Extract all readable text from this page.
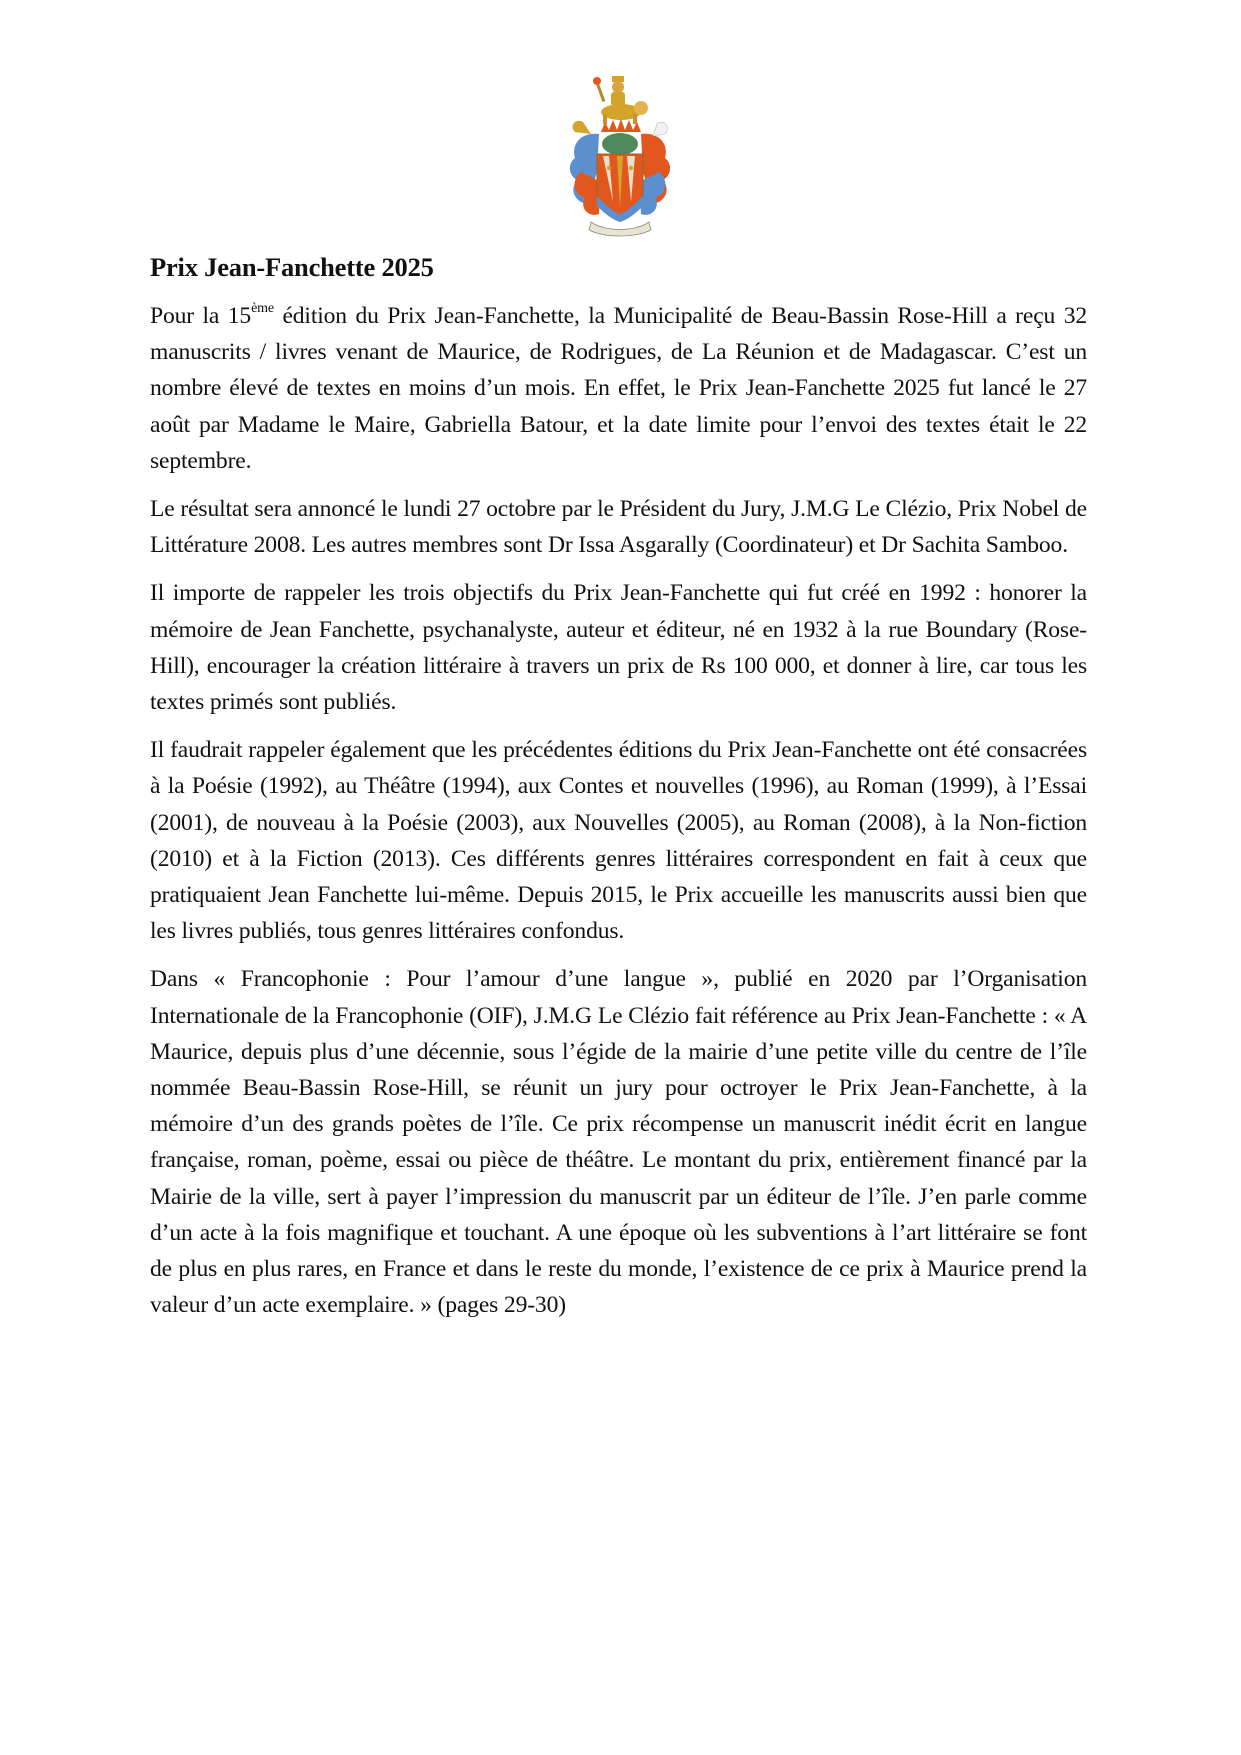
· · · ·
Prix Jean-Fanchette 2025

Pour la 15ème édition du Prix Jean-Fanchette, la Municipalité de Beau-Bassin Rose-Hill a reçu 32 manuscrits / livres venant de Maurice, de Rodrigues, de La Réunion et de Madagascar. C’est un nombre élevé de textes en moins d’un mois. En effet, le Prix Jean-Fanchette 2025 fut lancé le 27 août par Madame le Maire, Gabriella Batour, et la date limite pour l’envoi des textes était le 22 septembre.

Le résultat sera annoncé le lundi 27 octobre par le Président du Jury, J.M.G Le Clézio, Prix Nobel de Littérature 2008. Les autres membres sont Dr Issa Asgarally (Coordinateur) et Dr Sachita Samboo.

Il importe de rappeler les trois objectifs du Prix Jean-Fanchette qui fut créé en 1992 : honorer la mémoire de Jean Fanchette, psychanalyste, auteur et éditeur, né en 1932 à la rue Boundary (Rose-Hill), encourager la création littéraire à travers un prix de Rs 100 000, et donner à lire, car tous les textes primés sont publiés.

Il faudrait rappeler également que les précédentes éditions du Prix Jean-Fanchette ont été consacrées à la Poésie (1992), au Théâtre (1994), aux Contes et nouvelles (1996), au Roman (1999), à l’Essai (2001), de nouveau à la Poésie (2003), aux Nouvelles (2005), au Roman (2008), à la Non-fiction (2010) et à la Fiction (2013). Ces différents genres littéraires correspondent en fait à ceux que pratiquaient Jean Fanchette lui-même. Depuis 2015, le Prix accueille les manuscrits aussi bien que les livres publiés, tous genres littéraires confondus.

Dans « Francophonie : Pour l’amour d’une langue », publié en 2020 par l’Organisation Internationale de la Francophonie (OIF), J.M.G Le Clézio fait référence au Prix Jean-Fanchette : « A Maurice, depuis plus d’une décennie, sous l’égide de la mairie d’une petite ville du centre de l’île nommée Beau-Bassin Rose-Hill, se réunit un jury pour octroyer le Prix Jean-Fanchette, à la mémoire d’un des grands poètes de l’île. Ce prix récompense un manuscrit inédit écrit en langue française, roman, poème, essai ou pièce de théâtre. Le montant du prix, entièrement financé par la Mairie de la ville, sert à payer l’impression du manuscrit par un éditeur de l’île. J’en parle comme d’un acte à la fois magnifique et touchant. A une époque où les subventions à l’art littéraire se font de plus en plus rares, en France et dans le reste du monde, l’existence de ce prix à Maurice prend la valeur d’un acte exemplaire. » (pages 29-30)
